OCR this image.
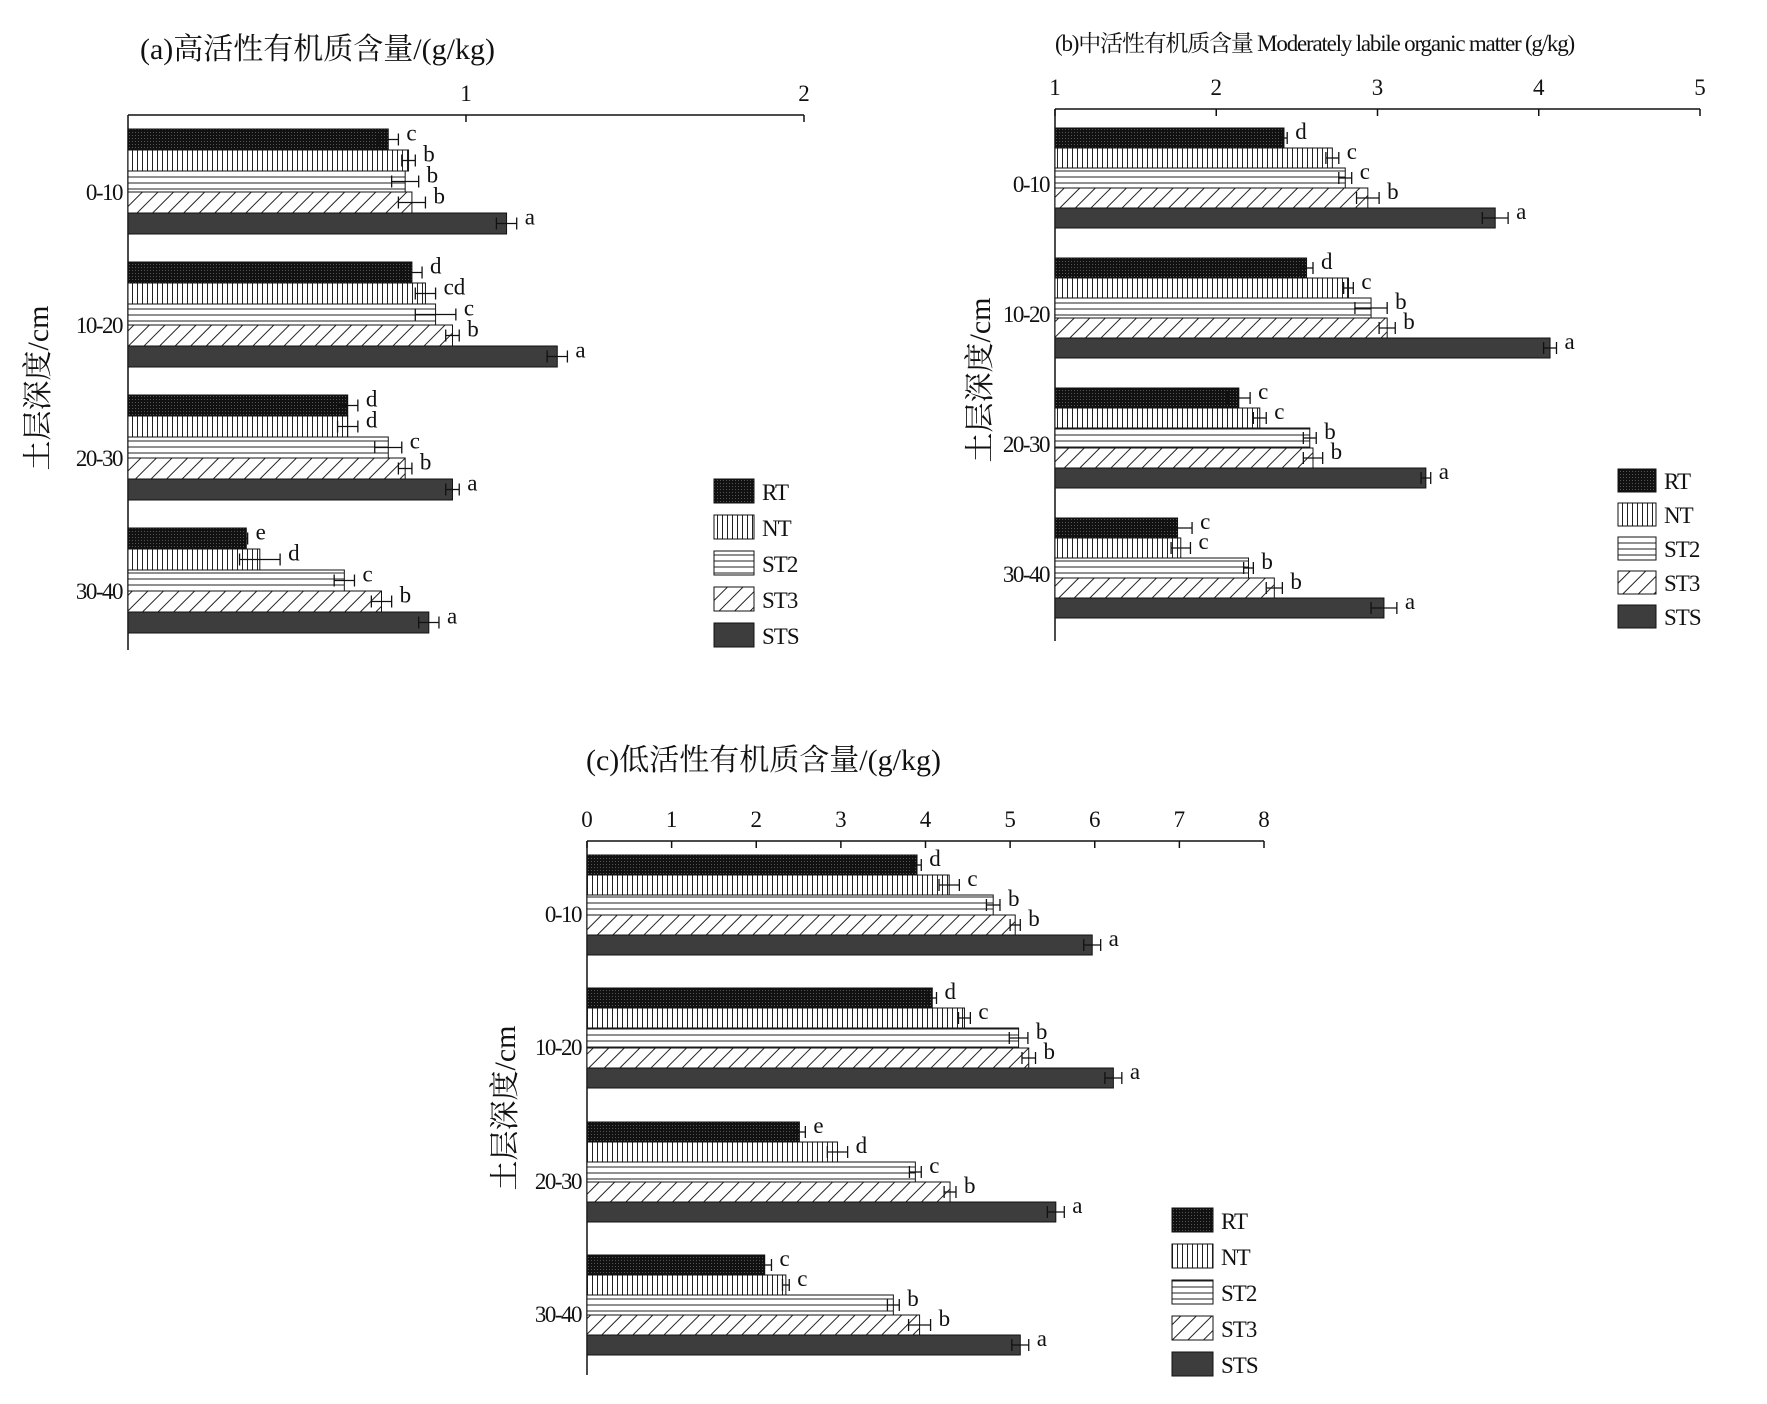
(a)高活性有机质含量/(g/kg)
土层深度/cm
1	2
c
b
b
b
a
0-10
d
cd
c
b
a
10-20
d
d
c
b
a
20-30
e
d
c
b
a
30-40
RT
NT
ST2
ST3
STS
(b)中活性有机质含量 Moderately labile organic matter (g/kg)
土层深度/cm
1	2	3	4	5
d
c
c
b
a
0-10
d
c
b
b
a
10-20
c
c
b
b
a
20-30
c
c
b
b
a
30-40
RT
NT
ST2
ST3
STS
(c)低活性有机质含量/(g/kg)
土层深度/cm
0	1	2	3	4	5	6	7	8
d
c
b
b
a
0-10
d
c
b
b
a
10-20
e
d
c
b
a
20-30
c
c
b
b
a
30-40
RT
NT
ST2
ST3
STS
